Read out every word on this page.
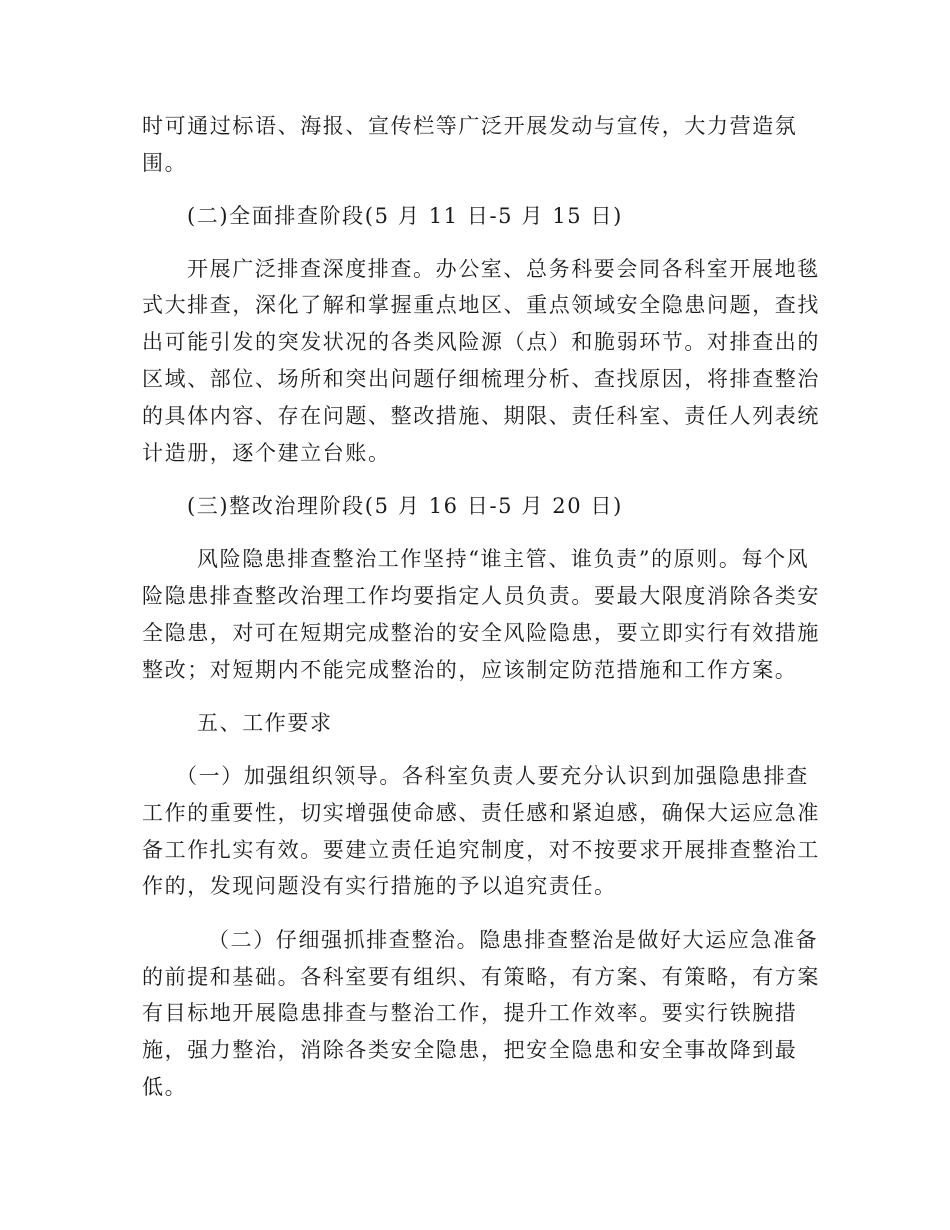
时可通过标语、海报、宣传栏等广泛开展发动与宣传，大力营造氛
围。
(二)全面排查阶段(5 月 11 日-5 月 15 日)
开展广泛排查深度排查。办公室、总务科要会同各科室开展地毯
式大排查，深化了解和掌握重点地区、重点领域安全隐患问题，查找
出可能引发的突发状况的各类风险源（点）和脆弱环节。对排查出的
区域、部位、场所和突出问题仔细梳理分析、查找原因，将排查整治
的具体内容、存在问题、整改措施、期限、责任科室、责任人列表统
计造册，逐个建立台账。
(三)整改治理阶段(5 月 16 日-5 月 20 日)
风险隐患排查整治工作坚持“谁主管、谁负责”的原则。每个风
险隐患排查整改治理工作均要指定人员负责。要最大限度消除各类安
全隐患，对可在短期完成整治的安全风险隐患，要立即实行有效措施
整改；对短期内不能完成整治的，应该制定防范措施和工作方案。
五、工作要求
（一）加强组织领导。各科室负责人要充分认识到加强隐患排查
工作的重要性，切实增强使命感、责任感和紧迫感，确保大运应急准
备工作扎实有效。要建立责任追究制度，对不按要求开展排查整治工
作的，发现问题没有实行措施的予以追究责任。
（二）仔细强抓排查整治。隐患排查整治是做好大运应急准备
的前提和基础。各科室要有组织、有策略，有方案、有策略，有方案
有目标地开展隐患排查与整治工作，提升工作效率。要实行铁腕措
施，强力整治，消除各类安全隐患，把安全隐患和安全事故降到最
低。
